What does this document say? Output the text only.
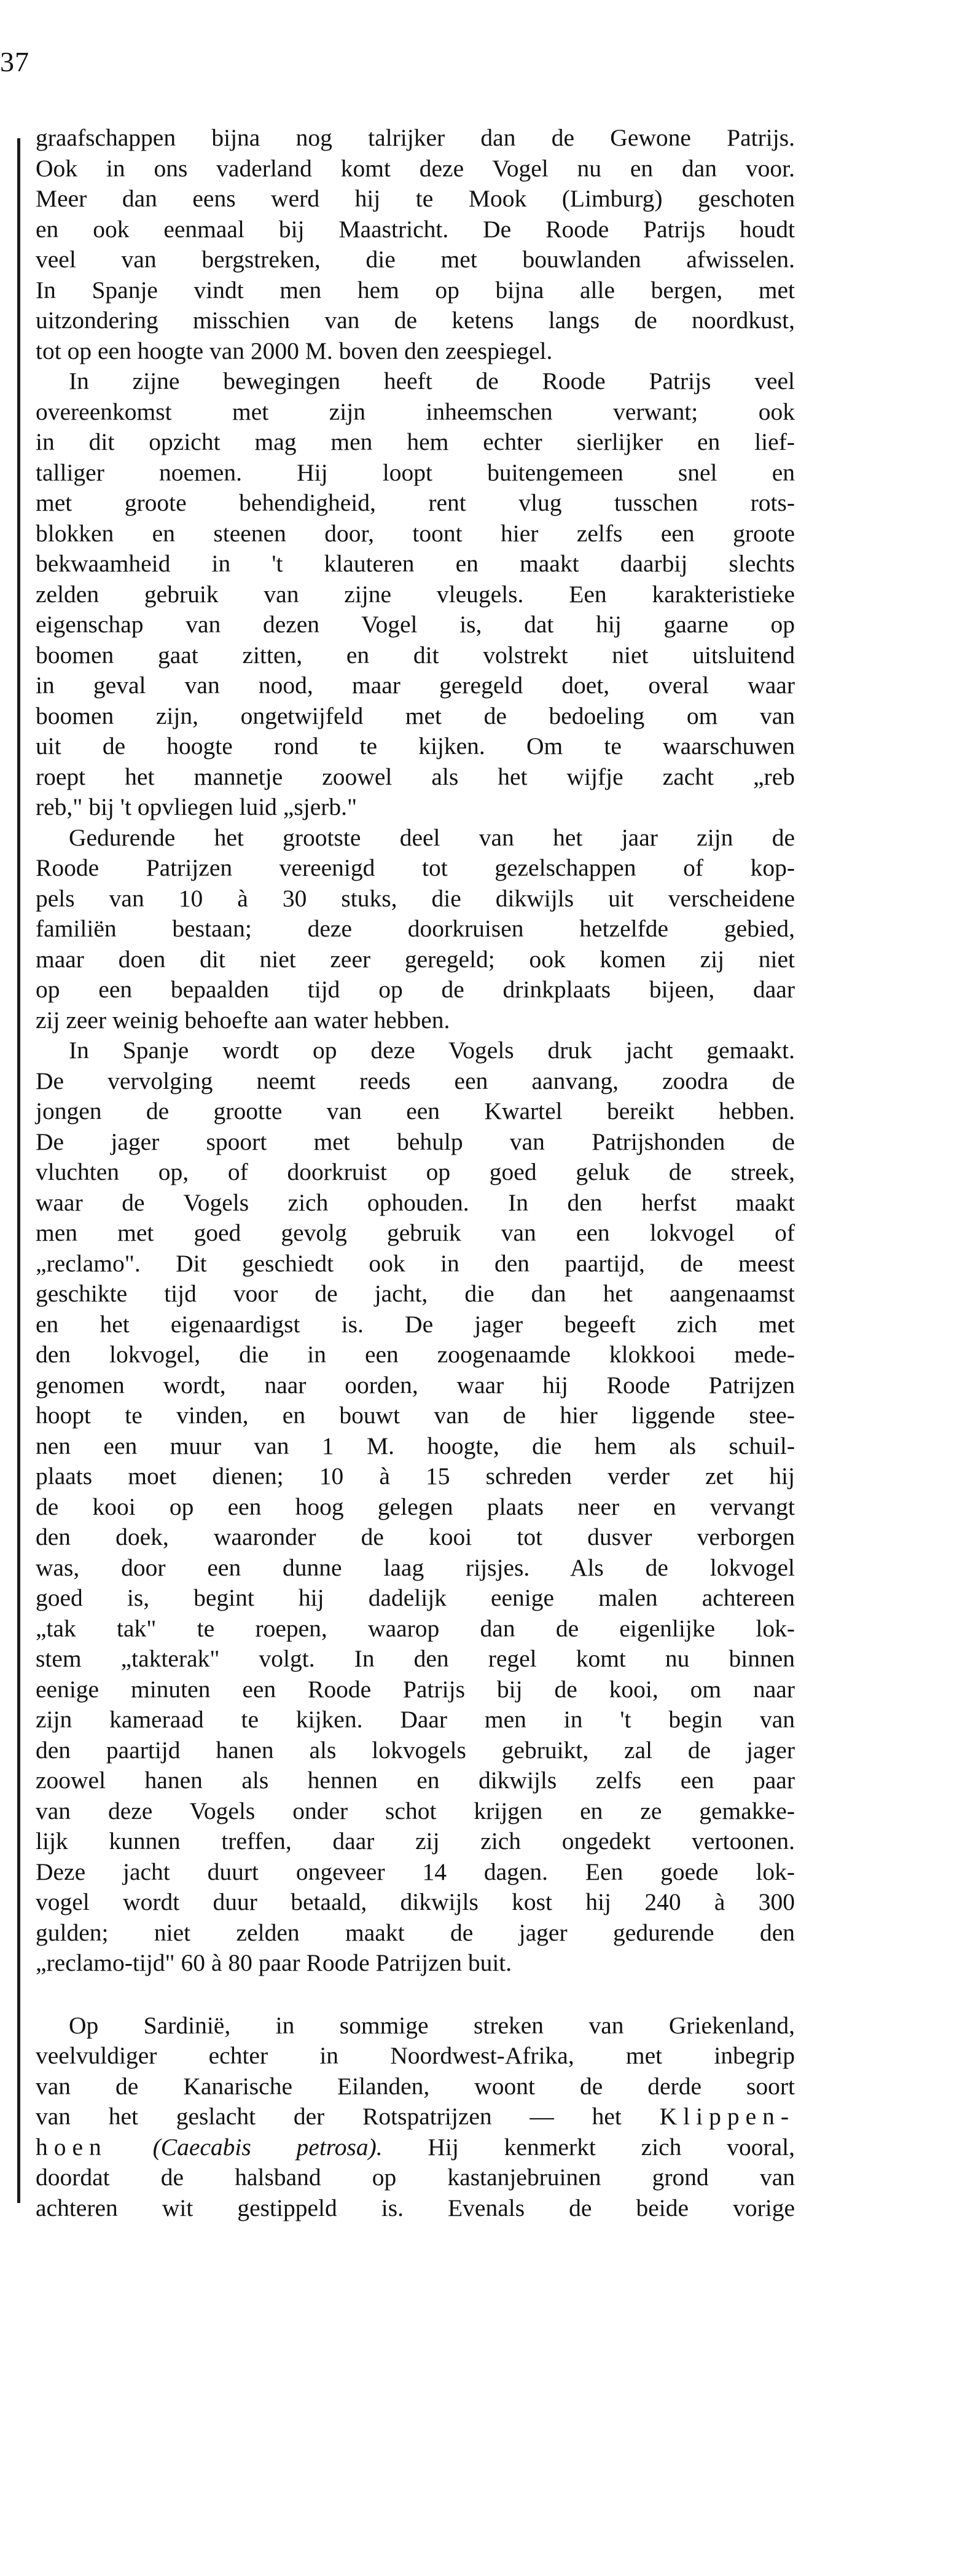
37
graafschappen bijna nog talrijker dan de Gewone Patrijs.
Ook in ons vaderland komt deze Vogel nu en dan voor.
Meer dan eens werd hij te Mook (Limburg) geschoten
en ook eenmaal bij Maastricht. De Roode Patrijs houdt
veel van bergstreken, die met bouwlanden afwisselen.
In Spanje vindt men hem op bijna alle bergen, met
uitzondering misschien van de ketens langs de noordkust,
tot op een hoogte van 2000 M. boven den zeespiegel.
In zijne bewegingen heeft de Roode Patrijs veel
overeenkomst met zijn inheemschen verwant; ook
in dit opzicht mag men hem echter sierlijker en lief-
talliger noemen. Hij loopt buitengemeen snel en
met groote behendigheid, rent vlug tusschen rots-
blokken en steenen door, toont hier zelfs een groote
bekwaamheid in 't klauteren en maakt daarbij slechts
zelden gebruik van zijne vleugels. Een karakteristieke
eigenschap van dezen Vogel is, dat hij gaarne op
boomen gaat zitten, en dit volstrekt niet uitsluitend
in geval van nood, maar geregeld doet, overal waar
boomen zijn, ongetwijfeld met de bedoeling om van
uit de hoogte rond te kijken. Om te waarschuwen
roept het mannetje zoowel als het wijfje zacht „reb
reb," bij 't opvliegen luid „sjerb."
Gedurende het grootste deel van het jaar zijn de
Roode Patrijzen vereenigd tot gezelschappen of kop-
pels van 10 à 30 stuks, die dikwijls uit verscheidene
familiën bestaan; deze doorkruisen hetzelfde gebied,
maar doen dit niet zeer geregeld; ook komen zij niet
op een bepaalden tijd op de drinkplaats bijeen, daar
zij zeer weinig behoefte aan water hebben.
In Spanje wordt op deze Vogels druk jacht gemaakt.
De vervolging neemt reeds een aanvang, zoodra de
jongen de grootte van een Kwartel bereikt hebben.
De jager spoort met behulp van Patrijshonden de
vluchten op, of doorkruist op goed geluk de streek,
waar de Vogels zich ophouden. In den herfst maakt
men met goed gevolg gebruik van een lokvogel of
„reclamo". Dit geschiedt ook in den paartijd, de meest
geschikte tijd voor de jacht, die dan het aangenaamst
en het eigenaardigst is. De jager begeeft zich met
den lokvogel, die in een zoogenaamde klokkooi mede-
genomen wordt, naar oorden, waar hij Roode Patrijzen
hoopt te vinden, en bouwt van de hier liggende stee-
nen een muur van 1 M. hoogte, die hem als schuil-
plaats moet dienen; 10 à 15 schreden verder zet hij
de kooi op een hoog gelegen plaats neer en vervangt
den doek, waaronder de kooi tot dusver verborgen
was, door een dunne laag rijsjes. Als de lokvogel
goed is, begint hij dadelijk eenige malen achtereen
„tak tak" te roepen, waarop dan de eigenlijke lok-
stem „takterak" volgt. In den regel komt nu binnen
eenige minuten een Roode Patrijs bij de kooi, om naar
zijn kameraad te kijken. Daar men in 't begin van
den paartijd hanen als lokvogels gebruikt, zal de jager
zoowel hanen als hennen en dikwijls zelfs een paar
van deze Vogels onder schot krijgen en ze gemakke-
lijk kunnen treffen, daar zij zich ongedekt vertoonen.
Deze jacht duurt ongeveer 14 dagen. Een goede lok-
vogel wordt duur betaald, dikwijls kost hij 240 à 300
gulden; niet zelden maakt de jager gedurende den
„reclamo-tijd" 60 à 80 paar Roode Patrijzen buit.
Op Sardinië, in sommige streken van Griekenland,
veelvuldiger echter in Noordwest-Afrika, met inbegrip
van de Kanarische Eilanden, woont de derde soort
van het geslacht der Rotspatrijzen — het Klippen-
hoen (Caecabis petrosa). Hij kenmerkt zich vooral,
doordat de halsband op kastanjebruinen grond van
achteren wit gestippeld is. Evenals de beide vorige
